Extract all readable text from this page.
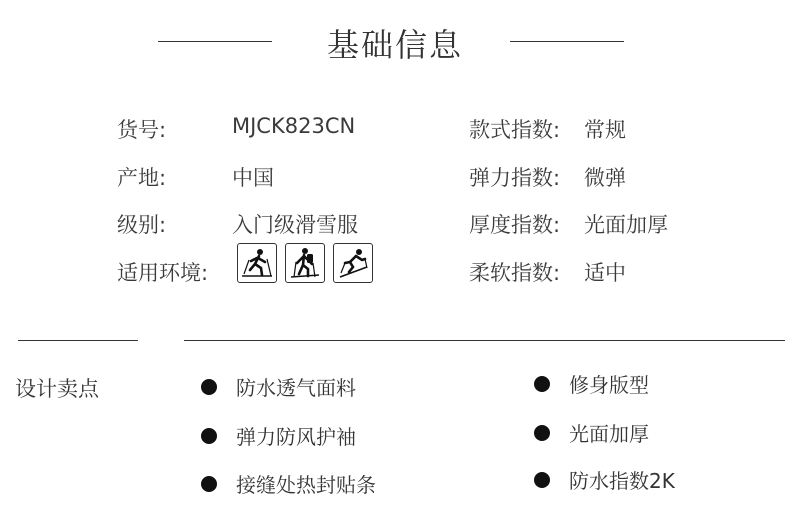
基础信息
货号:	MJCK823CN
产地:	中国
级别:	入门级滑雪服
适用环境:
款式指数: 常规
弹力指数: 微弹
厚度指数: 光面加厚
柔软指数: 适中
设计卖点	防水透气面料
弹力防风护袖
接缝处热封贴条
修身版型
光面加厚
防水指数2K
